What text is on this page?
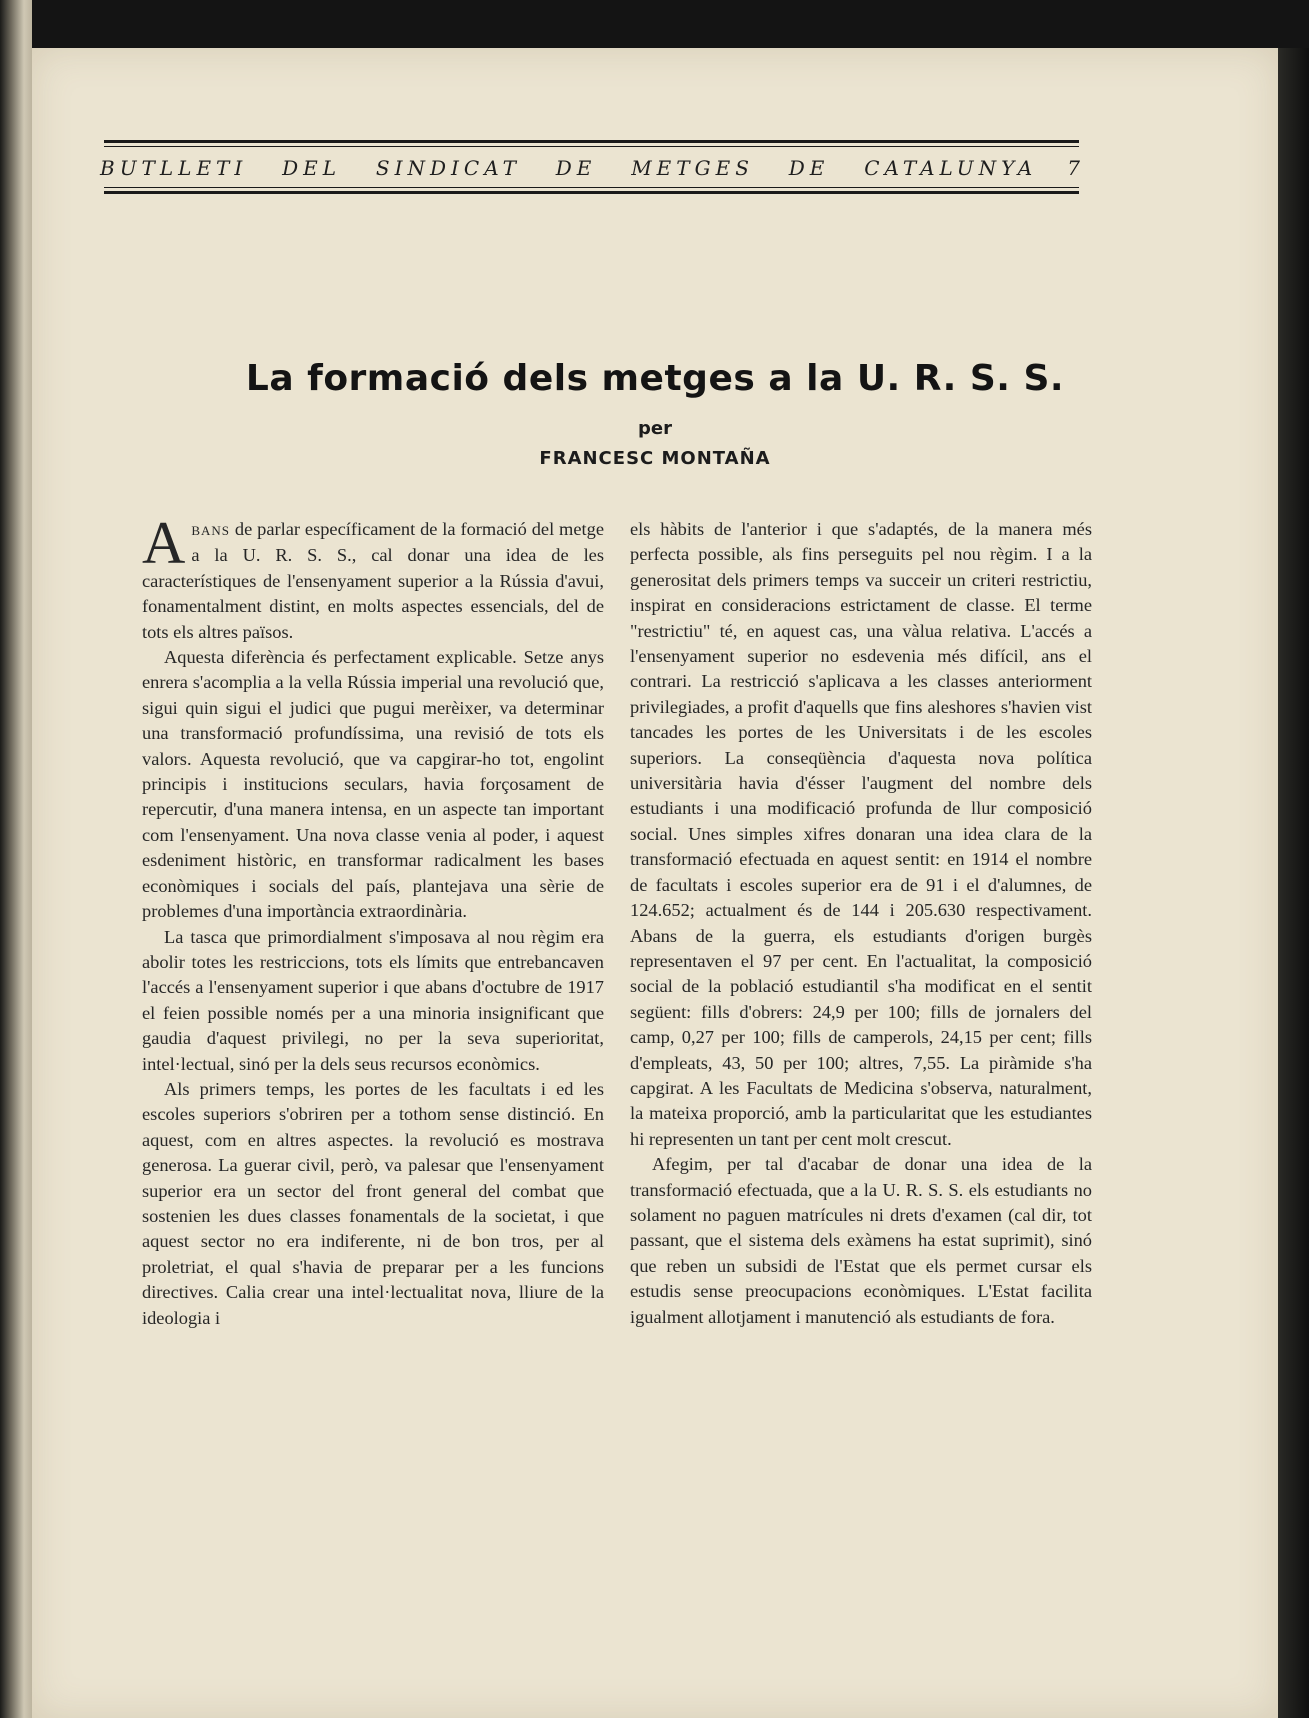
BUTLLETI DEL SINDICAT DE METGES DE CATALUNYA 7
La formació dels metges a la U. R. S. S.
per
FRANCESC MONTAÑA

ABANS de parlar específicament de la formació del metge a la U. R. S. S., cal donar una idea de les característiques de l'ensenyament superior a la Rússia d'avui, fonamentalment distint, en molts aspectes essencials, del de tots els altres països.

Aquesta diferència és perfectament explicable. Setze anys enrera s'acomplia a la vella Rússia imperial una revolució que, sigui quin sigui el judici que pugui merèixer, va determinar una transformació profundíssima, una revisió de tots els valors. Aquesta revolució, que va capgirar-ho tot, engolint principis i institucions seculars, havia forçosament de repercutir, d'una manera intensa, en un aspecte tan important com l'ensenyament. Una nova classe venia al poder, i aquest esdeniment històric, en transformar radicalment les bases econòmiques i socials del país, plantejava una sèrie de problemes d'una importància extraordinària.

La tasca que primordialment s'imposava al nou règim era abolir totes les restriccions, tots els límits que entrebancaven l'accés a l'ensenyament superior i que abans d'octubre de 1917 el feien possible només per a una minoria insignificant que gaudia d'aquest privilegi, no per la seva superioritat, intel·lectual, sinó per la dels seus recursos econòmics.

Als primers temps, les portes de les facultats i ed les escoles superiors s'obriren per a tothom sense distinció. En aquest, com en altres aspectes. la revolució es mostrava generosa. La guerar civil, però, va palesar que l'ensenyament superior era un sector del front general del combat que sostenien les dues classes fonamentals de la societat, i que aquest sector no era indiferente, ni de bon tros, per al proletriat, el qual s'havia de preparar per a les funcions directives. Calia crear una intel·lectualitat nova, lliure de la ideologia i

els hàbits de l'anterior i que s'adaptés, de la manera més perfecta possible, als fins perseguits pel nou règim. I a la generositat dels primers temps va succeir un criteri restrictiu, inspirat en consideracions estrictament de classe. El terme "restrictiu" té, en aquest cas, una vàlua relativa. L'accés a l'ensenyament superior no esdevenia més difícil, ans el contrari. La restricció s'aplicava a les classes anteriorment privilegiades, a profit d'aquells que fins aleshores s'havien vist tancades les portes de les Universitats i de les escoles superiors. La conseqüència d'aquesta nova política universitària havia d'ésser l'augment del nombre dels estudiants i una modificació profunda de llur composició social. Unes simples xifres donaran una idea clara de la transformació efectuada en aquest sentit: en 1914 el nombre de facultats i escoles superior era de 91 i el d'alumnes, de 124.652; actualment és de 144 i 205.630 respectivament. Abans de la guerra, els estudiants d'origen burgès representaven el 97 per cent. En l'actualitat, la composició social de la població estudiantil s'ha modificat en el sentit següent: fills d'obrers: 24,9 per 100; fills de jornalers del camp, 0,27 per 100; fills de camperols, 24,15 per cent; fills d'empleats, 43, 50 per 100; altres, 7,55. La piràmide s'ha capgirat. A les Facultats de Medicina s'observa, naturalment, la mateixa proporció, amb la particularitat que les estudiantes hi representen un tant per cent molt crescut.

Afegim, per tal d'acabar de donar una idea de la transformació efectuada, que a la U. R. S. S. els estudiants no solament no paguen matrícules ni drets d'examen (cal dir, tot passant, que el sistema dels exàmens ha estat suprimit), sinó que reben un subsidi de l'Estat que els permet cursar els estudis sense preocupacions econòmiques. L'Estat facilita igualment allotjament i manutenció als estudiants de fora.
